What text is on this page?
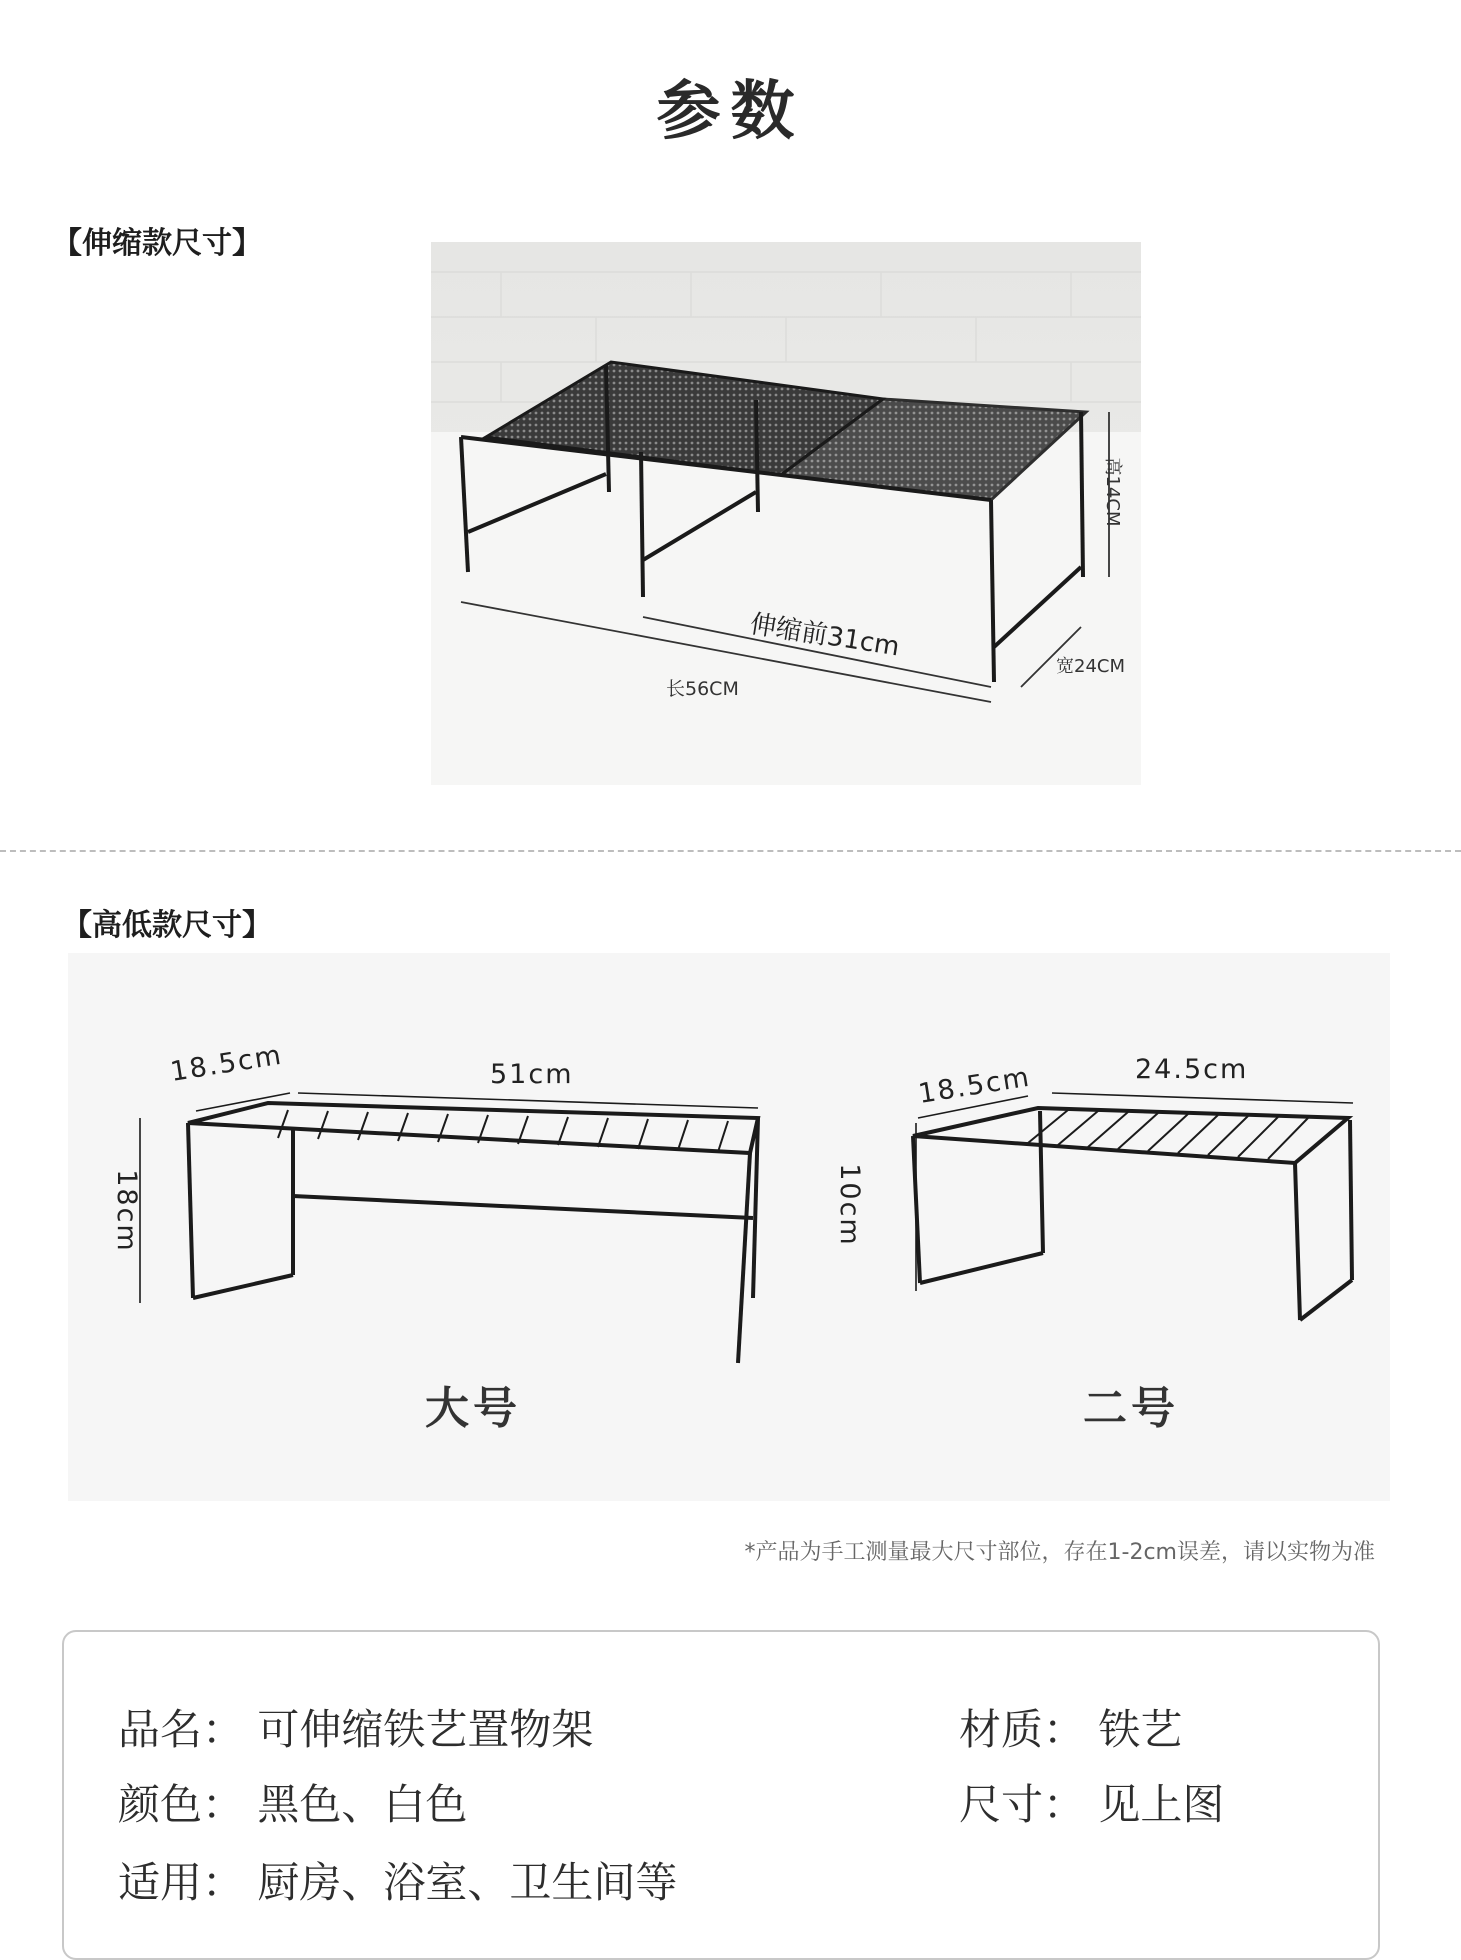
参数
【伸缩款尺寸】
高14CM
伸缩前31cm
宽24CM
长56CM
【高低款尺寸】
18.5cm	51cm
18cm
大号
18.5cm	24.5cm
10cm
二号
*产品为手工测量最大尺寸部位，存在1-2cm误差，请以实物为准
品名： 可伸缩铁艺置物架	材质： 铁艺
颜色： 黑色、白色	尺寸： 见上图
适用： 厨房、浴室、卫生间等
